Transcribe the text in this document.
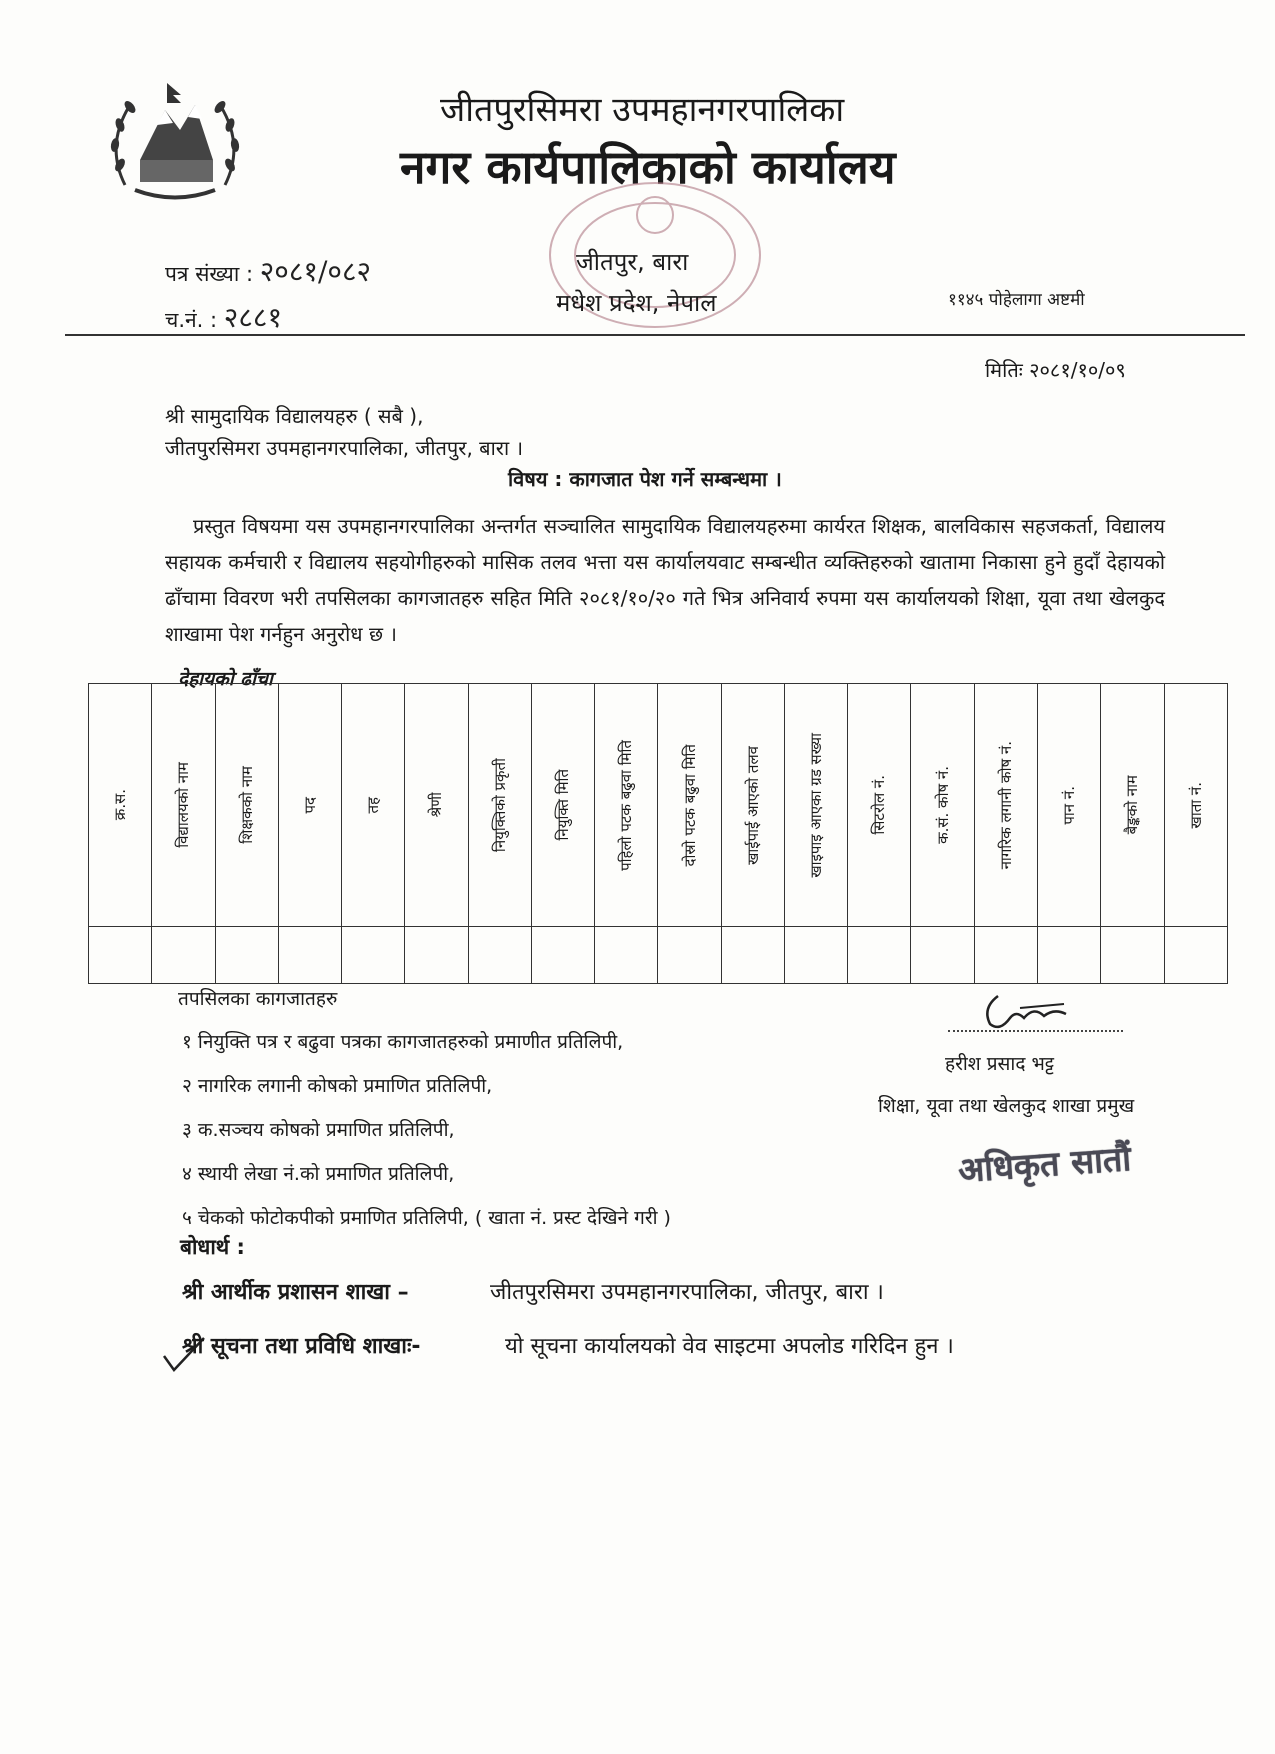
जीतपुरसिमरा उपमहानगरपालिका
नगर कार्यपालिकाको कार्यालय
पत्र संख्या : २०८१/०८२
च.नं. : २८८१
जीतपुर, बारा
मधेश प्रदेश, नेपाल	११४५ पोहेलागा अष्टमी
मितिः २०८१/१०/०९
श्री सामुदायिक विद्यालयहरु ( सबै ),
जीतपुरसिमरा उपमहानगरपालिका, जीतपुर, बारा ।
विषय : कागजात पेश गर्ने सम्बन्धमा ।
प्रस्तुत विषयमा यस उपमहानगरपालिका अन्तर्गत सञ्चालित सामुदायिक विद्यालयहरुमा कार्यरत शिक्षक, बालविकास सहजकर्ता, विद्यालय सहायक कर्मचारी र विद्यालय सहयोगीहरुको मासिक तलव भत्ता यस कार्यालयवाट सम्बन्धीत व्यक्तिहरुको खातामा निकासा हुने हुदाँ देहायको ढाँचामा विवरण भरी तपसिलका कागजातहरु सहित मिति २०८१/१०/२० गते भित्र अनिवार्य रुपमा यस कार्यालयको शिक्षा, यूवा तथा खेलकुद शाखामा पेश गर्नहुन अनुरोध छ ।
देहायको ढाँचा
क्र.स.	विद्यालयको नाम	शिक्षकको नाम	पद	तह	श्रेणी	नियुक्तिको प्रकृती	नियुक्ति मिति	पहिलो पटक बढुवा मिति	दोस्रो पटक बढुवा मिति	खाईपाई आएको तलव	खाइपाइ आएका ग्रड सख्या	सिटरोल नं.	क.सं. कोष नं.	नागरिक लगानी कोष नं.	पान नं.	बैङ्कको नाम	खाता नं.

तपसिलका कागजातहरु
१ नियुक्ति पत्र र बढुवा पत्रका कागजातहरुको प्रमाणीत प्रतिलिपी,
२ नागरिक लगानी कोषको प्रमाणित प्रतिलिपी,
३ क.सञ्चय कोषको प्रमाणित प्रतिलिपी,
४ स्थायी लेखा नं.को प्रमाणित प्रतिलिपी,
५ चेकको फोटोकपीको प्रमाणित प्रतिलिपी, ( खाता नं. प्रस्ट देखिने गरी )
हरीश प्रसाद भट्ट
शिक्षा, यूवा तथा खेलकुद शाखा प्रमुख
अधिकृत सातौं
बोधार्थ :
श्री आर्थीक प्रशासन शाखा –	जीतपुरसिमरा उपमहानगरपालिका, जीतपुर, बारा ।
श्री सूचना तथा प्रविधि शाखाः-	यो सूचना कार्यालयको वेव साइटमा अपलोड गरिदिन हुन ।
